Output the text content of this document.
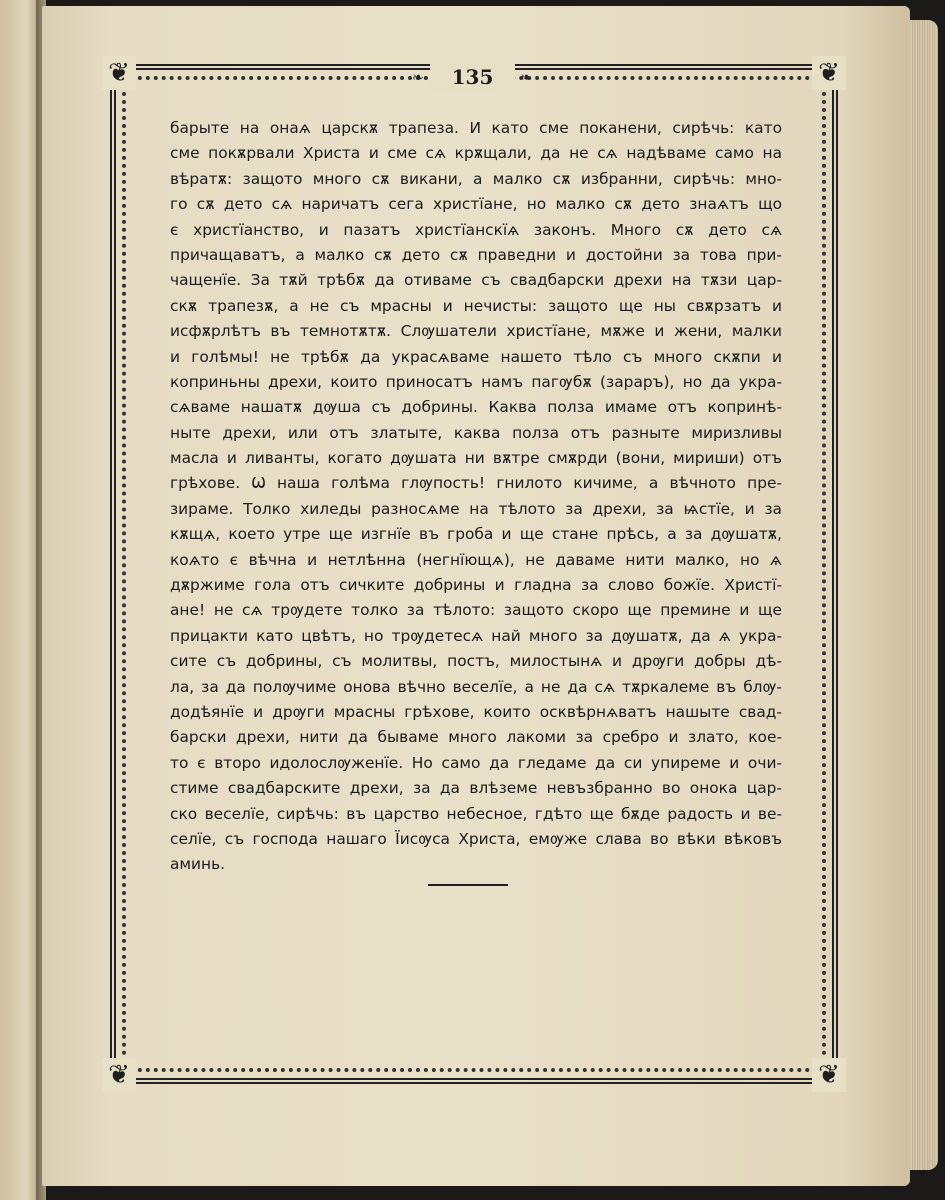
❦	❦
❦	❦
❧	135	❧
барыте на онаѧ царскѫ трапеза. И като сме поканени, сирѣчь: като
сме покѫрвали Христа и сме сѧ крѫщали, да не сѧ надѣваме само на
вѣратѫ: защото много сѫ викани, а малко сѫ избранни, сирѣчь: мно-
го сѫ дето сѧ наричатъ сега христїане, но малко сѫ дето знаѧтъ що
є христїанство, и пазатъ христїанскїѧ законъ. Много сѫ дето сѧ
причащаватъ, а малко сѫ дето сѫ праведни и достойни за това при-
чащенїе. За тѫй трѣбѫ да отиваме съ свадбарски дрехи на тѫзи цар-
скѫ трапезѫ, а не съ мрасны и нечисты: защото ще ны свѫрзатъ и
исфѫрлѣтъ въ темнотѫтѫ. Слѹшатели христїане, мѫже и жени, малки
и голѣмы! не трѣбѫ да украсѧваме нашето тѣло съ много скѫпи и
коприньны дрехи, които приносатъ намъ пагѹбѫ (зараръ), но да укра-
сѧваме нашатѫ дѹша съ добрины. Каква полза имаме отъ копринѣ-
ныте дрехи, или отъ златыте, каква полза отъ разныте миризливы
масла и ливанты, когато дѹшата ни вѫтре смѫрди (вони, мириши) отъ
грѣхове. Ѡ наша голѣма глѹпость! гнилото кичиме, а вѣчното пре-
зираме. Толко хиледы разносѧме на тѣлото за дрехи, за ѩстїе, и за
кѫщѧ, което утре ще изгнїе въ гроба и ще стане прѣсь, а за дѹшатѫ,
коѧто є вѣчна и нетлѣнна (негнїющѧ), не даваме нити малко, но ѧ
дѫржиме гола отъ сичките добрины и гладна за слово божїе. Христї-
ане! не сѧ трѹдете толко за тѣлото: защото скоро ще премине и ще
прицакти като цвѣтъ, но трѹдетесѧ най много за дѹшатѫ, да ѧ укра-
сите съ добрины, съ молитвы, постъ, милостынѧ и дрѹги добры дѣ-
ла, за да полѹчиме онова вѣчно веселїе, а не да сѧ тѫркалеме въ блѹ-
додѣянїе и дрѹги мрасны грѣхове, които осквѣрнѧватъ нашыте свад-
барски дрехи, нити да бываме много лакоми за сребро и злато, кое-
то є второ идолослѹженїе. Но само да гледаме да си упиреме и очи-
стиме свадбарските дрехи, за да влѣземе невъзбранно во онока цар-
ско веселїе, сирѣчь: въ царство небесное, гдѣто ще бѫде радость и ве-
селїе, съ господа нашаго Їисѹса Христа, емѹже слава во вѣки вѣковъ
аминь.
